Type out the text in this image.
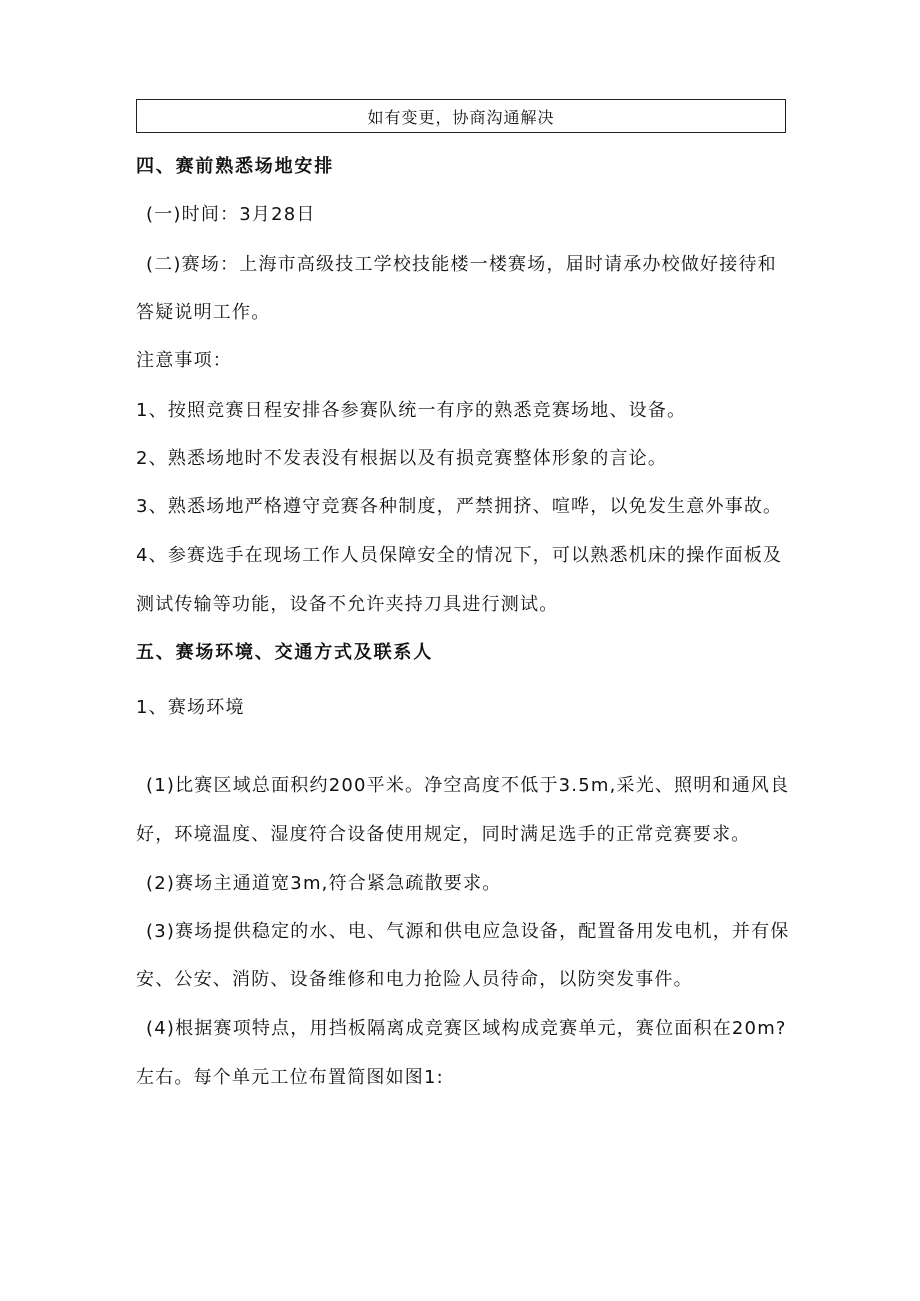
如有变更，协商沟通解决
四、赛前熟悉场地安排
(一)时间：3月28日
(二)赛场：上海市高级技工学校技能楼一楼赛场，届时请承办校做好接待和
答疑说明工作。
注意事项：
1、按照竞赛日程安排各参赛队统一有序的熟悉竞赛场地、设备。
2、熟悉场地时不发表没有根据以及有损竞赛整体形象的言论。
3、熟悉场地严格遵守竞赛各种制度，严禁拥挤、喧哗，以免发生意外事故。
4、参赛选手在现场工作人员保障安全的情况下，可以熟悉机床的操作面板及
测试传输等功能，设备不允许夹持刀具进行测试。
五、赛场环境、交通方式及联系人
1、赛场环境
(1)比赛区域总面积约200平米。净空高度不低于3.5m,采光、照明和通风良
好，环境温度、湿度符合设备使用规定，同时满足选手的正常竞赛要求。
(2)赛场主通道宽3m,符合紧急疏散要求。
(3)赛场提供稳定的水、电、气源和供电应急设备，配置备用发电机，并有保
安、公安、消防、设备维修和电力抢险人员待命，以防突发事件。
(4)根据赛项特点，用挡板隔离成竞赛区域构成竞赛单元，赛位面积在20m?
左右。每个单元工位布置简图如图1:
